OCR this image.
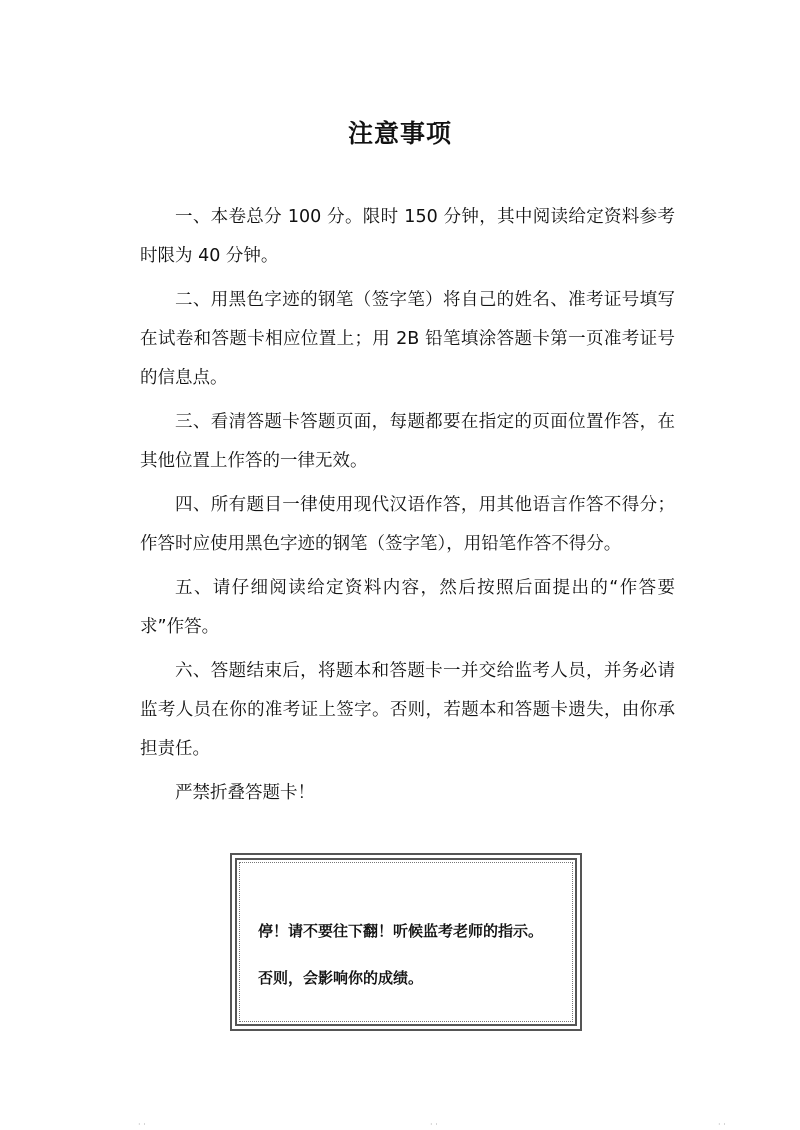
注意事项

一、本卷总分 100 分。限时 150 分钟，其中阅读给定资料参考时限为 40 分钟。

二、用黑色字迹的钢笔（签字笔）将自己的姓名、准考证号填写在试卷和答题卡相应位置上；用 2B 铅笔填涂答题卡第一页准考证号的信息点。

三、看清答题卡答题页面，每题都要在指定的页面位置作答，在其他位置上作答的一律无效。

四、所有题目一律使用现代汉语作答，用其他语言作答不得分；作答时应使用黑色字迹的钢笔（签字笔），用铅笔作答不得分。

五、请仔细阅读给定资料内容，然后按照后面提出的“作答要求”作答。

六、答题结束后，将题本和答题卡一并交给监考人员，并务必请监考人员在你的准考证上签字。否则，若题本和答题卡遗失，由你承担责任。

严禁折叠答题卡！

停！请不要往下翻！听候监考老师的指示。

否则，会影响你的成绩。

· ·	· ·	· ·
